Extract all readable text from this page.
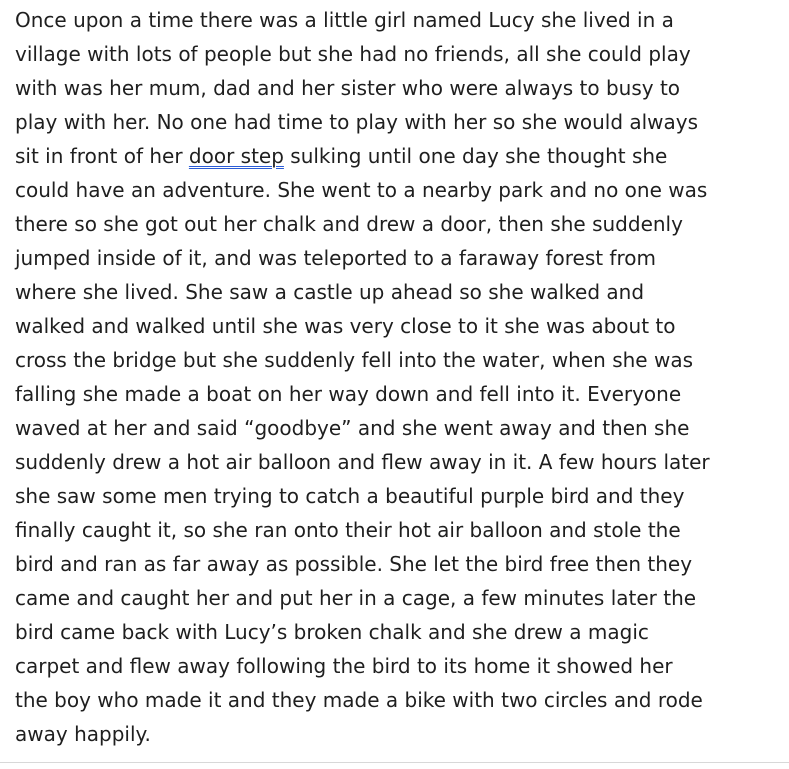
Once upon a time there was a little girl named Lucy she lived in a
village with lots of people but she had no friends, all she could play
with was her mum, dad and her sister who were always to busy to
play with her. No one had time to play with her so she would always
sit in front of her door step sulking until one day she thought she
could have an adventure. She went to a nearby park and no one was
there so she got out her chalk and drew a door, then she suddenly
jumped inside of it, and was teleported to a faraway forest from
where she lived. She saw a castle up ahead so she walked and
walked and walked until she was very close to it she was about to
cross the bridge but she suddenly fell into the water, when she was
falling she made a boat on her way down and fell into it. Everyone
waved at her and said “goodbye” and she went away and then she
suddenly drew a hot air balloon and flew away in it. A few hours later
she saw some men trying to catch a beautiful purple bird and they
finally caught it, so she ran onto their hot air balloon and stole the
bird and ran as far away as possible. She let the bird free then they
came and caught her and put her in a cage, a few minutes later the
bird came back with Lucy’s broken chalk and she drew a magic
carpet and flew away following the bird to its home it showed her
the boy who made it and they made a bike with two circles and rode
away happily.
